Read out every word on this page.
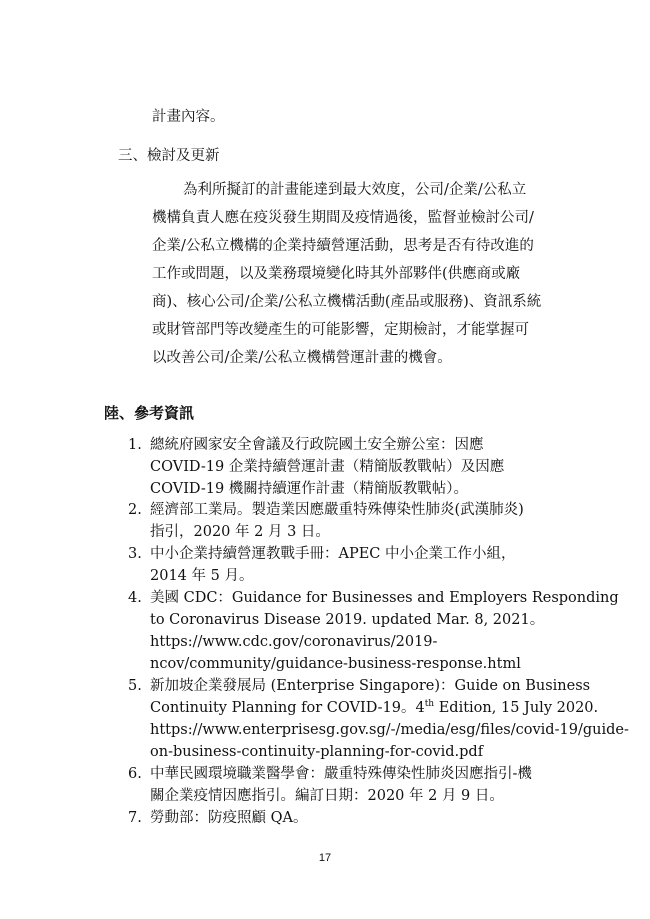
計畫內容。
三、檢討及更新
為利所擬訂的計畫能達到最大效度，公司/企業/公私立
機構負責人應在疫災發生期間及疫情過後，監督並檢討公司/
企業/公私立機構的企業持續營運活動，思考是否有待改進的
工作或問題，以及業務環境變化時其外部夥伴(供應商或廠
商)、核心公司/企業/公私立機構活動(產品或服務)、資訊系統
或財管部門等改變產生的可能影響，定期檢討，才能掌握可
以改善公司/企業/公私立機構營運計畫的機會。
陸、參考資訊
1. 總統府國家安全會議及行政院國土安全辦公室：因應
COVID-19 企業持續營運計畫（精簡版教戰帖）及因應
COVID-19 機關持續運作計畫（精簡版教戰帖）。
2. 經濟部工業局。製造業因應嚴重特殊傳染性肺炎(武漢肺炎)
指引，2020 年 2 月 3 日。
3. 中小企業持續營運教戰手冊：APEC 中小企業工作小組，
2014 年 5 月。
4. 美國 CDC：Guidance for Businesses and Employers Responding
to Coronavirus Disease 2019. updated Mar. 8, 2021。
https://www.cdc.gov/coronavirus/2019-
ncov/community/guidance-business-response.html
5. 新加坡企業發展局 (Enterprise Singapore)：Guide on Business
Continuity Planning for COVID-19。4th Edition, 15 July 2020.
https://www.enterprisesg.gov.sg/-/media/esg/files/covid-19/guide-
on-business-continuity-planning-for-covid.pdf
6. 中華民國環境職業醫學會：嚴重特殊傳染性肺炎因應指引-機
關企業疫情因應指引。編訂日期：2020 年 2 月 9 日。
7. 勞動部：防疫照顧 QA。
17
